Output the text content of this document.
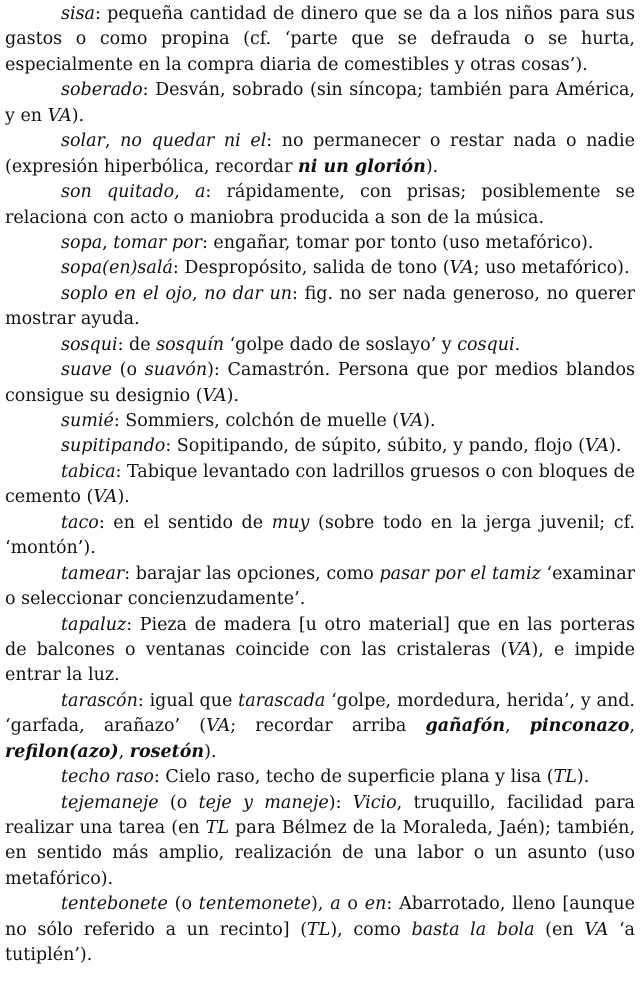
sisa: pequeña cantidad de dinero que se da a los niños para sus gastos o como propina (cf. ‘parte que se defrauda o se hurta, especialmente en la compra diaria de comestibles y otras cosas’).

soberado: Desván, sobrado (sin síncopa; también para América, y en VA).

solar, no quedar ni el: no permanecer o restar nada o nadie (expresión hiperbólica, recordar ni un glorión).

son quitado, a: rápidamente, con prisas; posiblemente se relaciona con acto o maniobra producida a son de la música.

sopa, tomar por: engañar, tomar por tonto (uso metafórico).

sopa(en)salá: Despropósito, salida de tono (VA; uso metafórico).

soplo en el ojo, no dar un: fig. no ser nada generoso, no querer mostrar ayuda.

sosqui: de sosquín ‘golpe dado de soslayo’ y cosqui.

suave (o suavón): Camastrón. Persona que por medios blandos consigue su designio (VA).

sumié: Sommiers, colchón de muelle (VA).

supitipando: Sopitipando, de súpito, súbito, y pando, flojo (VA).

tabica: Tabique levantado con ladrillos gruesos o con bloques de cemento (VA).

taco: en el sentido de muy (sobre todo en la jerga juvenil; cf. ‘montón’).

tamear: barajar las opciones, como pasar por el tamiz ‘examinar o seleccionar concienzudamente’.

tapaluz: Pieza de madera [u otro material] que en las porteras de balcones o ventanas coincide con las cristaleras (VA), e impide entrar la luz.

tarascón: igual que tarascada ‘golpe, mordedura, herida’, y and. ‘garfada, arañazo’ (VA; recordar arriba gañafón, pinconazo, refilon(azo), rosetón).

techo raso: Cielo raso, techo de superficie plana y lisa (TL).

tejemaneje (o teje y maneje): Vicio, truquillo, facilidad para realizar una tarea (en TL para Bélmez de la Moraleda, Jaén); también, en sentido más amplio, realización de una labor o un asunto (uso metafórico).

tentebonete (o tentemonete), a o en: Abarrotado, lleno [aunque no sólo referido a un recinto] (TL), como basta la bola (en VA ‘a tutiplén’).
